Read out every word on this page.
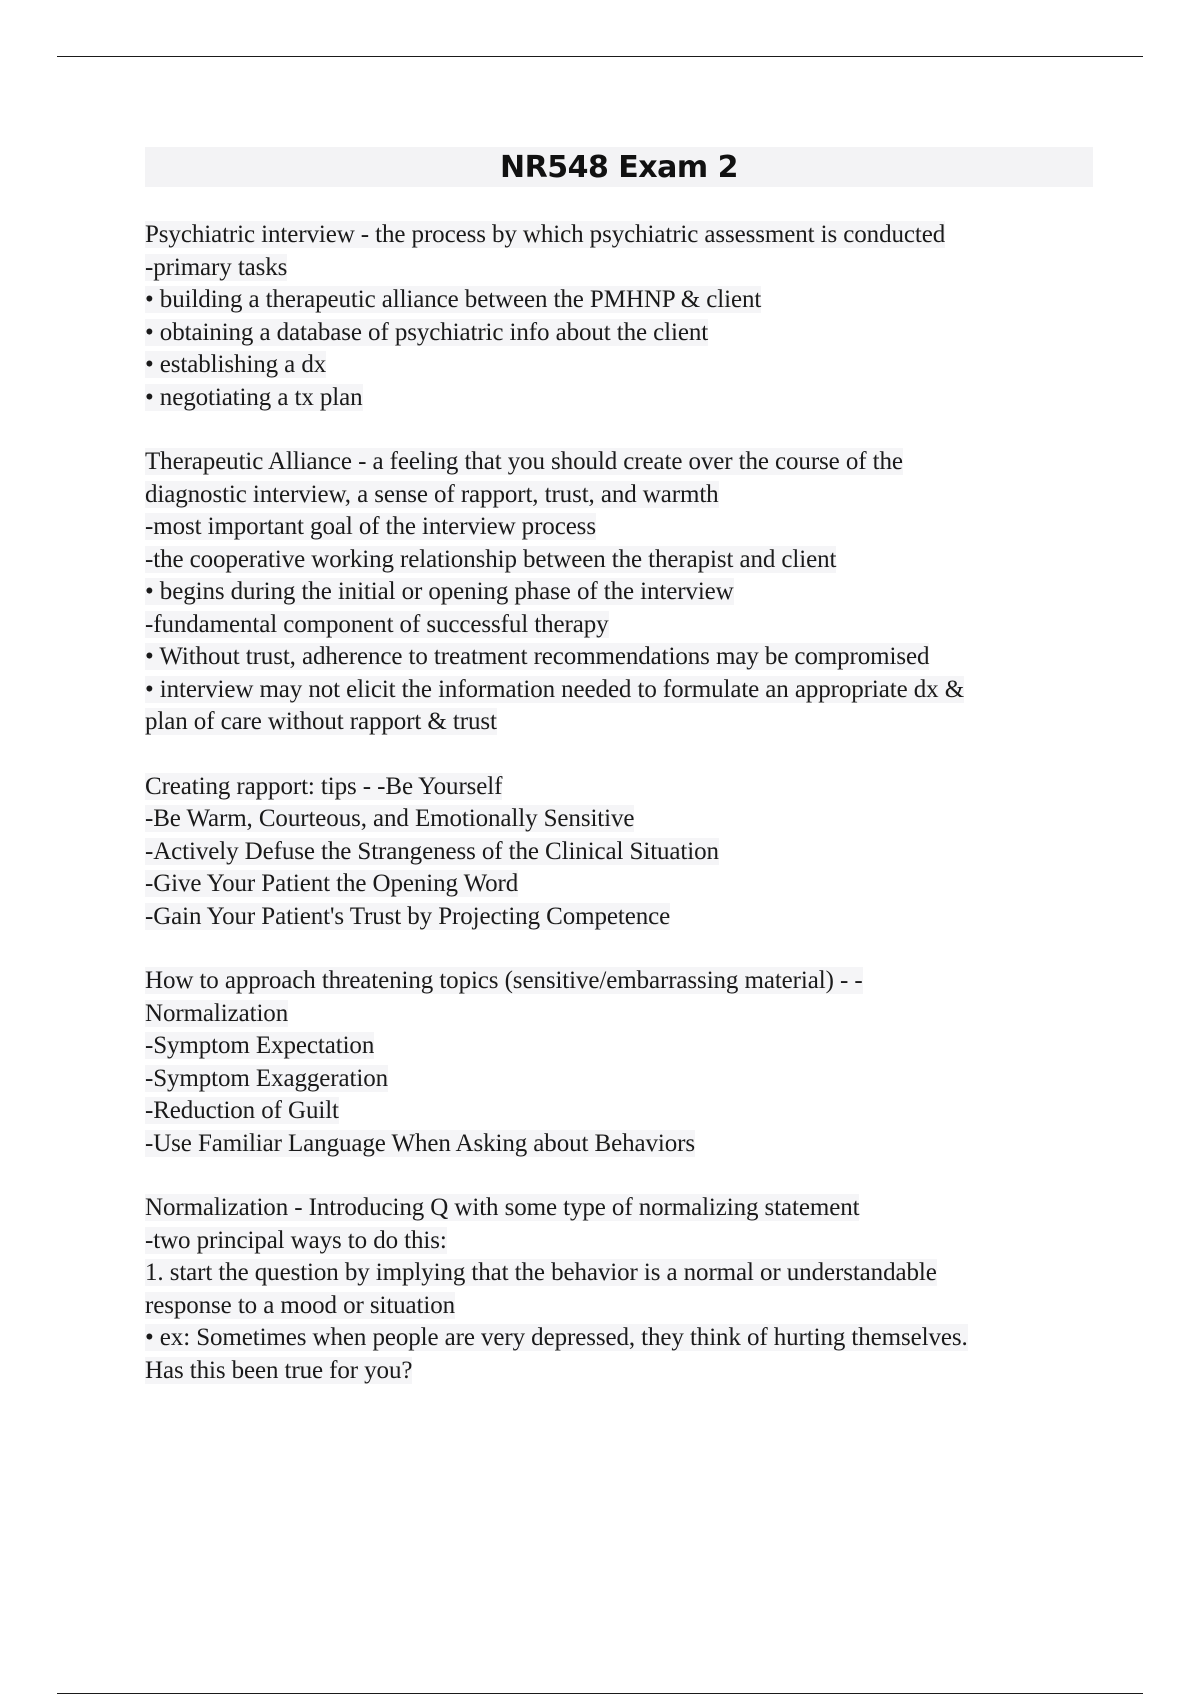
NR548 Exam 2
Psychiatric interview - the process by which psychiatric assessment is conducted
-primary tasks
• building a therapeutic alliance between the PMHNP & client
• obtaining a database of psychiatric info about the client
• establishing a dx
• negotiating a tx plan
Therapeutic Alliance - a feeling that you should create over the course of the
diagnostic interview, a sense of rapport, trust, and warmth
-most important goal of the interview process
-the cooperative working relationship between the therapist and client
• begins during the initial or opening phase of the interview
-fundamental component of successful therapy
• Without trust, adherence to treatment recommendations may be compromised
• interview may not elicit the information needed to formulate an appropriate dx &
plan of care without rapport & trust
Creating rapport: tips - -Be Yourself
-Be Warm, Courteous, and Emotionally Sensitive
-Actively Defuse the Strangeness of the Clinical Situation
-Give Your Patient the Opening Word
-Gain Your Patient's Trust by Projecting Competence
How to approach threatening topics (sensitive/embarrassing material) - -
Normalization
-Symptom Expectation
-Symptom Exaggeration
-Reduction of Guilt
-Use Familiar Language When Asking about Behaviors
Normalization - Introducing Q with some type of normalizing statement
-two principal ways to do this:
1. start the question by implying that the behavior is a normal or understandable
response to a mood or situation
• ex: Sometimes when people are very depressed, they think of hurting themselves.
Has this been true for you?
